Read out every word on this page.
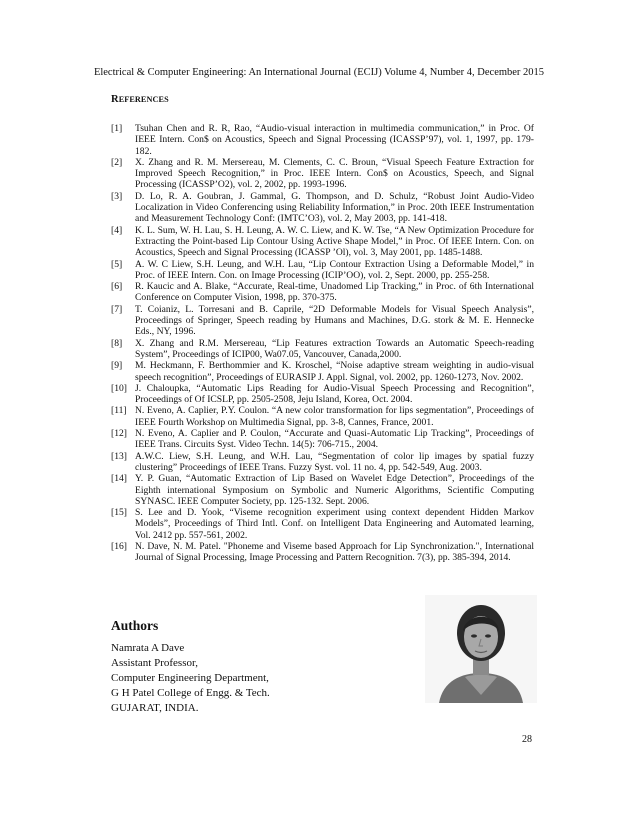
Electrical & Computer Engineering: An International Journal (ECIJ) Volume 4, Number 4, December 2015
REFERENCES
[1] Tsuhan Chen and R. R, Rao, “Audio-visual interaction in multimedia communication,” in Proc. Of IEEE Intern. Con$ on Acoustics, Speech and Signal Processing (ICASSP’97), vol. 1, 1997, pp. 179-182.
[2] X. Zhang and R. M. Mersereau, M. Clements, C. C. Broun, “Visual Speech Feature Extraction for Improved Speech Recognition,” in Proc. IEEE Intern. Con$ on Acoustics, Speech, and Signal Processing (ICASSP’O2), vol. 2, 2002, pp. 1993-1996.
[3] D. Lo, R. A. Goubran, J. Gammal, G. Thompson, and D. Schulz, “Robust Joint Audio-Video Localization in Video Conferencing using Reliability Information,” in Proc. 20th IEEE Instrumentation and Measurement Technology Conf: (IMTC’O3), vol. 2, May 2003, pp. 141-418.
[4] K. L. Sum, W. H. Lau, S. H. Leung, A. W. C. Liew, and K. W. Tse, “A New Optimization Procedure for Extracting the Point-based Lip Contour Using Active Shape Model,” in Proc. Of IEEE Intern. Con. on Acoustics, Speech and Signal Processing (ICASSP ’Ol), vol. 3, May 2001, pp. 1485-1488.
[5] A. W. C Liew, S.H. Leung, and W.H. Lau, “Lip Contour Extraction Using a Deformable Model,” in Proc. of IEEE Intern. Con. on Image Processing (ICIP’OO), vol. 2, Sept. 2000, pp. 255-258.
[6] R. Kaucic and A. Blake, “Accurate, Real-time, Unadomed Lip Tracking,” in Proc. of 6th International Conference on Computer Vision, 1998, pp. 370-375.
[7] T. Coianiz, L. Torresani and B. Caprile, “2D Deformable Models for Visual Speech Analysis”, Proceedings of Springer, Speech reading by Humans and Machines, D.G. stork & M. E. Hennecke Eds., NY, 1996.
[8] X. Zhang and R.M. Mersereau, “Lip Features extraction Towards an Automatic Speech-reading System”, Proceedings of ICIP00, Wa07.05, Vancouver, Canada,2000.
[9] M. Heckmann, F. Berthommier and K. Kroschel, “Noise adaptive stream weighting in audio-visual speech recognition”, Proceedings of EURASIP J. Appl. Signal, vol. 2002, pp. 1260-1273, Nov. 2002.
[10] J. Chaloupka, “Automatic Lips Reading for Audio-Visual Speech Processing and Recognition”, Proceedings of Of ICSLP, pp. 2505-2508, Jeju Island, Korea, Oct. 2004.
[11] N. Eveno, A. Caplier, P.Y. Coulon. “A new color transformation for lips segmentation”, Proceedings of IEEE Fourth Workshop on Multimedia Signal, pp. 3-8, Cannes, France, 2001.
[12] N. Eveno, A. Caplier and P. Coulon, “Accurate and Quasi-Automatic Lip Tracking”, Proceedings of IEEE Trans. Circuits Syst. Video Techn. 14(5): 706-715., 2004.
[13] A.W.C. Liew, S.H. Leung, and W.H. Lau, “Segmentation of color lip images by spatial fuzzy clustering” Proceedings of IEEE Trans. Fuzzy Syst. vol. 11 no. 4, pp. 542-549, Aug. 2003.
[14] Y. P. Guan, “Automatic Extraction of Lip Based on Wavelet Edge Detection”, Proceedings of the Eighth international Symposium on Symbolic and Numeric Algorithms, Scientific Computing SYNASC. IEEE Computer Society, pp. 125-132. Sept. 2006.
[15] S. Lee and D. Yook, “Viseme recognition experiment using context dependent Hidden Markov Models”, Proceedings of Third Intl. Conf. on Intelligent Data Engineering and Automated learning, Vol. 2412 pp. 557-561, 2002.
[16] N. Dave, N. M. Patel. "Phoneme and Viseme based Approach for Lip Synchronization.", International Journal of Signal Processing, Image Processing and Pattern Recognition. 7(3), pp. 385-394, 2014.
Authors
Namrata A Dave
Assistant Professor,
Computer Engineering Department,
G H Patel College of Engg. & Tech.
GUJARAT, INDIA.
28
